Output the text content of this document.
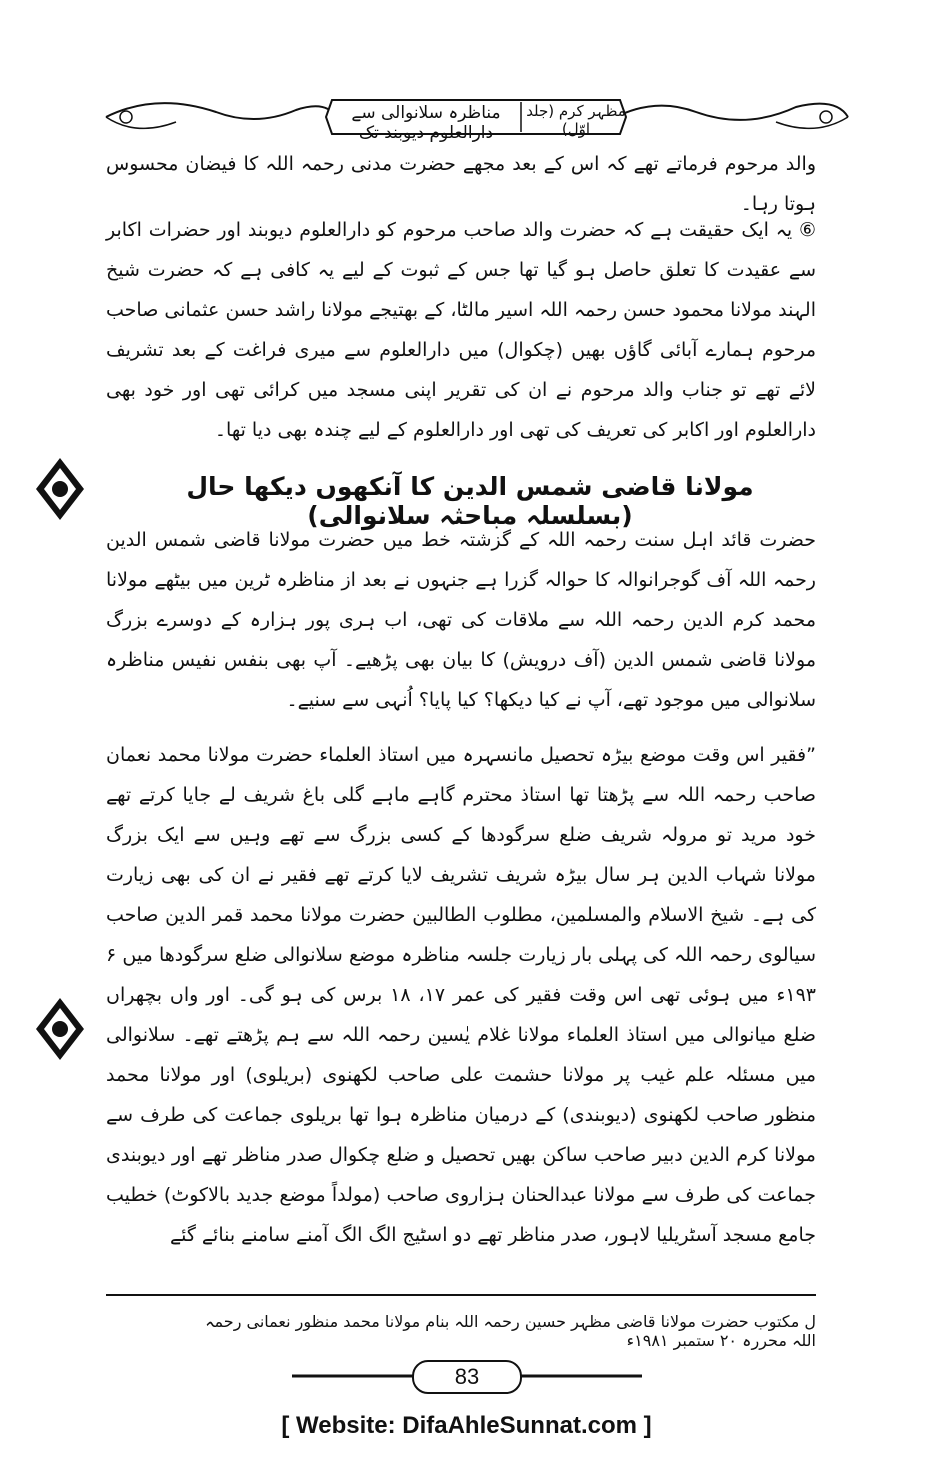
مناظرہ سلانوالی سے دارالعلوم دیوبند تک
مظہر کرم (جلد اوّل)
والد مرحوم فرماتے تھے کہ اس کے بعد مجھے حضرت مدنی رحمہ اللہ کا فیضان محسوس ہوتا رہا۔
⑥ یہ ایک حقیقت ہے کہ حضرت والد صاحب مرحوم کو دارالعلوم دیوبند اور حضرات اکابر سے عقیدت کا تعلق حاصل ہو گیا تھا جس کے ثبوت کے لیے یہ کافی ہے کہ حضرت شیخ الہند مولانا محمود حسن رحمہ اللہ اسیر مالٹا، کے بھتیجے مولانا راشد حسن عثمانی صاحب مرحوم ہمارے آبائی گاؤں بھیں (چکوال) میں دارالعلوم سے میری فراغت کے بعد تشریف لائے تھے تو جناب والد مرحوم نے ان کی تقریر اپنی مسجد میں کرائی تھی اور خود بھی دارالعلوم اور اکابر کی تعریف کی تھی اور دارالعلوم کے لیے چندہ بھی دیا تھا۔
مولانا قاضی شمس الدین کا آنکھوں دیکھا حال (بسلسلہ مباحثہ سلانوالی)
حضرت قائد اہل سنت رحمہ اللہ کے گزشتہ خط میں حضرت مولانا قاضی شمس الدین رحمہ اللہ آف گوجرانوالہ کا حوالہ گزرا ہے جنہوں نے بعد از مناظرہ ٹرین میں بیٹھے مولانا محمد کرم الدین رحمہ اللہ سے ملاقات کی تھی، اب ہری پور ہزارہ کے دوسرے بزرگ مولانا قاضی شمس الدین (آف درویش) کا بیان بھی پڑھیے۔ آپ بھی بنفس نفیس مناظرہ سلانوالی میں موجود تھے، آپ نے کیا دیکھا؟ کیا پایا؟ اُنہی سے سنیے۔
”فقیر اس وقت موضع بیڑہ تحصیل مانسہرہ میں استاذ العلماء حضرت مولانا محمد نعمان صاحب رحمہ اللہ سے پڑھتا تھا استاذ محترم گاہے ماہے گلی باغ شریف لے جایا کرتے تھے خود مرید تو مرولہ شریف ضلع سرگودھا کے کسی بزرگ سے تھے وہیں سے ایک بزرگ مولانا شہاب الدین ہر سال بیڑہ شریف تشریف لایا کرتے تھے فقیر نے ان کی بھی زیارت کی ہے۔ شیخ الاسلام والمسلمین، مطلوب الطالبین حضرت مولانا محمد قمر الدین صاحب سیالوی رحمہ اللہ کی پہلی بار زیارت جلسہ مناظرہ موضع سلانوالی ضلع سرگودھا میں ۶ ۱۹۳ء میں ہوئی تھی اس وقت فقیر کی عمر ۱۷، ۱۸ برس کی ہو گی۔ اور واں بچھراں ضلع میانوالی میں استاذ العلماء مولانا غلام یٰسین رحمہ اللہ سے ہم پڑھتے تھے۔ سلانوالی میں مسئلہ علم غیب پر مولانا حشمت علی صاحب لکھنوی (بریلوی) اور مولانا محمد منظور صاحب لکھنوی (دیوبندی) کے درمیان مناظرہ ہوا تھا بریلوی جماعت کی طرف سے مولانا کرم الدین دبیر صاحب ساکن بھیں تحصیل و ضلع چکوال صدر مناظر تھے اور دیوبندی جماعت کی طرف سے مولانا عبدالحنان ہزاروی صاحب (مولداً موضع جدید بالاکوٹ) خطیب جامع مسجد آسٹریلیا لاہور، صدر مناظر تھے دو اسٹیج الگ الگ آمنے سامنے بنائے گئے
ل مکتوب حضرت مولانا قاضی مظہر حسین رحمہ اللہ بنام مولانا محمد منظور نعمانی رحمہ اللہ محررہ ۲۰ ستمبر ۱۹۸۱ء
83
[ Website: DifaAhleSunnat.com ]
